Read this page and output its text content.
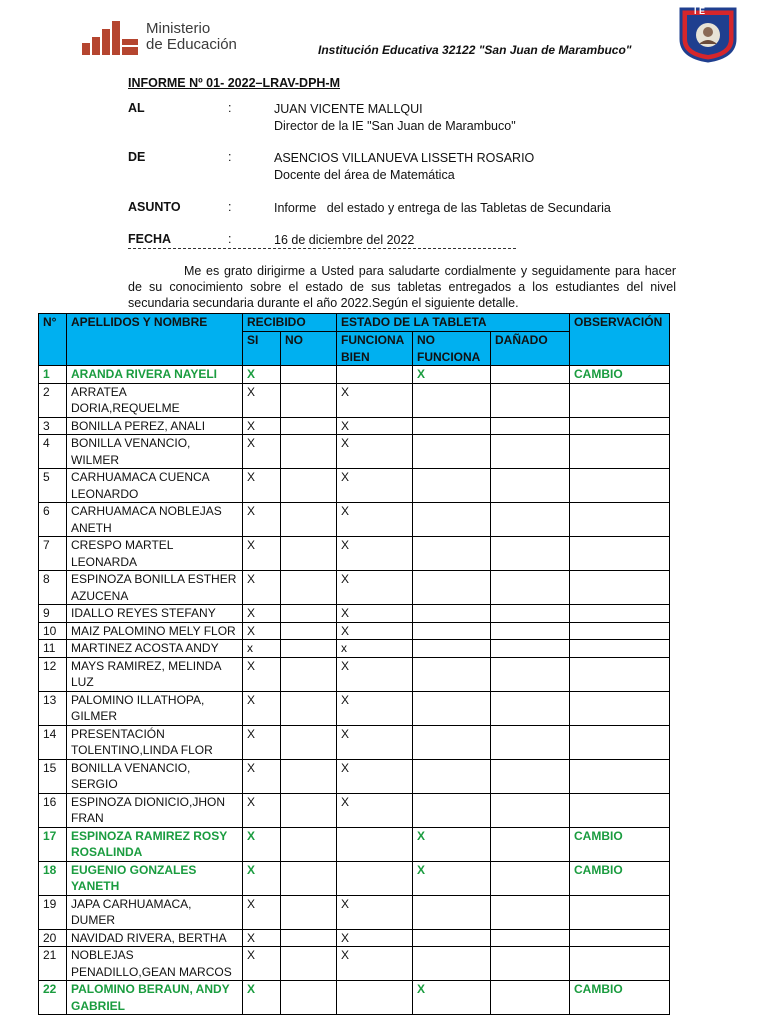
Ministerio
de Educación	Institución Educativa 32122 "San Juan de Marambuco"
I E
INFORME Nº 01- 2022–LRAV-DPH-M
AL	:	JUAN VICENTE MALLQUI
Director de la IE "San Juan de Marambuco"
DE	:	ASENCIOS VILLANUEVA LISSETH ROSARIO
Docente del área de Matemática
ASUNTO	:	Informe   del estado y entrega de las Tabletas de Secundaria
FECHA	:	16 de diciembre del 2022

Me es grato dirigirme a Usted para saludarte cordialmente y seguidamente para hacer de su conocimiento sobre el estado de sus tabletas entregados a los estudiantes del nivel secundaria secundaria durante el año 2022.Según el siguiente detalle.

N°	APELLIDOS Y NOMBRE	RECIBIDO		ESTADO DE LA TABLETA			OBSERVACIÓN
		SI	NO	FUNCIONA BIEN	NO FUNCIONA	DAÑADO	
1	ARANDA RIVERA NAYELI	X			X		CAMBIO
2	ARRATEA DORIA,REQUELME	X		X			
3	BONILLA PEREZ, ANALI	X		X			
4	BONILLA VENANCIO, WILMER	X		X			
5	CARHUAMACA CUENCA LEONARDO	X		X			
6	CARHUAMACA NOBLEJAS ANETH	X		X			
7	CRESPO MARTEL LEONARDA	X		X			
8	ESPINOZA BONILLA ESTHER AZUCENA	X		X			
9	IDALLO REYES STEFANY	X		X			
10	MAIZ PALOMINO MELY FLOR	X		X			
11	MARTINEZ ACOSTA ANDY	x		x			
12	MAYS RAMIREZ, MELINDA LUZ	X		X			
13	PALOMINO ILLATHOPA, GILMER	X		X			
14	PRESENTACIÓN TOLENTINO,LINDA FLOR	X		X			
15	BONILLA VENANCIO, SERGIO	X		X			
16	ESPINOZA DIONICIO,JHON FRAN	X		X			
17	ESPINOZA RAMIREZ ROSY ROSALINDA	X			X		CAMBIO
18	EUGENIO GONZALES YANETH	X			X		CAMBIO
19	JAPA CARHUAMACA, DUMER	X		X			
20	NAVIDAD RIVERA, BERTHA	X		X			
21	NOBLEJAS PENADILLO,GEAN MARCOS	X		X			
22	PALOMINO BERAUN, ANDY GABRIEL	X			X		CAMBIO
